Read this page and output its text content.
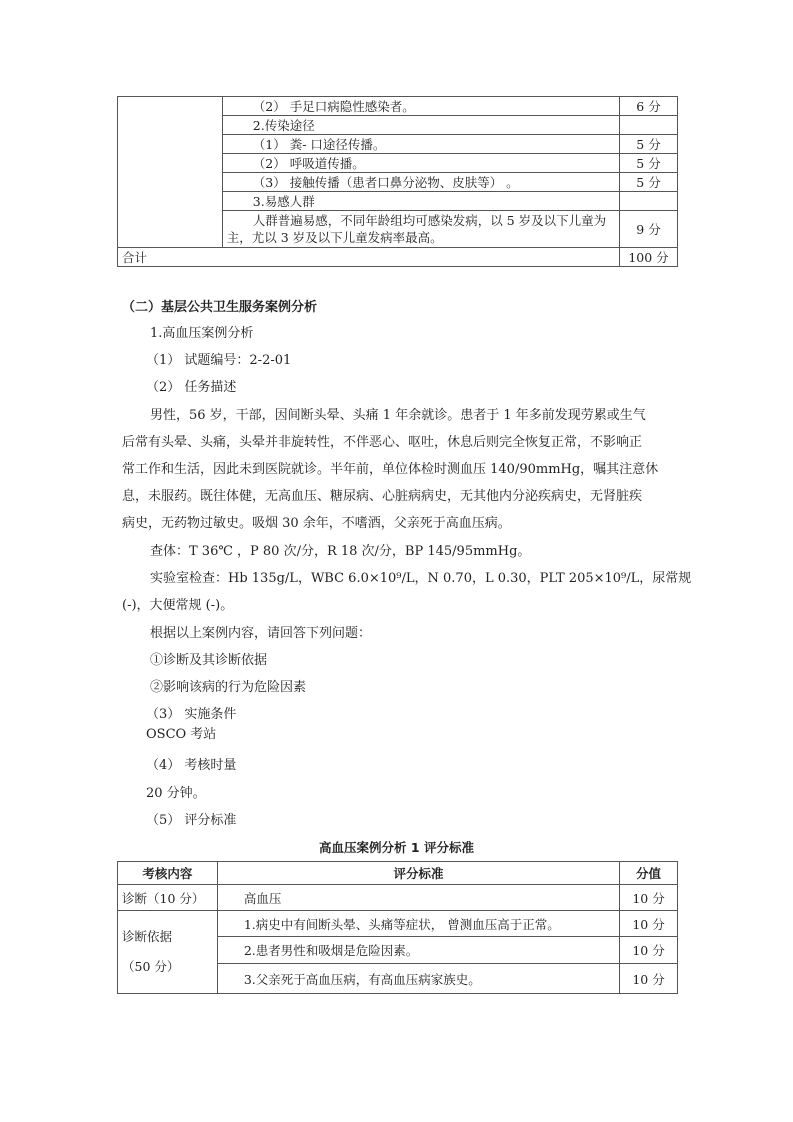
	（2） 手足口病隐性感染者。	6 分
	2.传染途径	
	（1） 粪- 口途径传播。	5 分
	（2） 呼吸道传播。	5 分
	（3） 接触传播（患者口鼻分泌物、皮肤等） 。	5 分
	3.易感人群	
	人群普遍易感，不同年龄组均可感染发病，以 5 岁及以下儿童为主，尤以 3 岁及以下儿童发病率最高。	9 分
合计		100 分
（二）基层公共卫生服务案例分析
1.高血压案例分析
（1） 试题编号：2-2-01
（2） 任务描述
男性，56 岁，干部，因间断头晕、头痛 1 年余就诊。患者于 1 年多前发现劳累或生气
后常有头晕、头痛，头晕并非旋转性，不伴恶心、呕吐，休息后则完全恢复正常，不影响正
常工作和生活，因此未到医院就诊。半年前，单位体检时测血压 140/90mmHg，嘱其注意休
息，未服药。既往体健，无高血压、糖尿病、心脏病病史，无其他内分泌疾病史，无肾脏疾
病史，无药物过敏史。吸烟 30 余年，不嗜酒，父亲死于高血压病。
查体：T 36℃ ，P 80 次/分，R 18 次/分，BP 145/95mmHg。
实验室检查：Hb 135g/L，WBC 6.0×10⁹/L，N 0.70，L 0.30，PLT 205×10⁹/L，尿常规
(-)，大便常规 (-)。
根据以上案例内容，请回答下列问题：
①诊断及其诊断依据
②影响该病的行为危险因素
（3） 实施条件
OSCO 考站
（4） 考核时量
20 分钟。
（5） 评分标准
高血压案例分析 1 评分标准
考核内容	评分标准	分值
诊断（10 分）	高血压	10 分

诊断依据
（50 分）	1.病史中有间断头晕、头痛等症状， 曾测血压高于正常。	10 分
	2.患者男性和吸烟是危险因素。	10 分
	3.父亲死于高血压病，有高血压病家族史。	10 分
